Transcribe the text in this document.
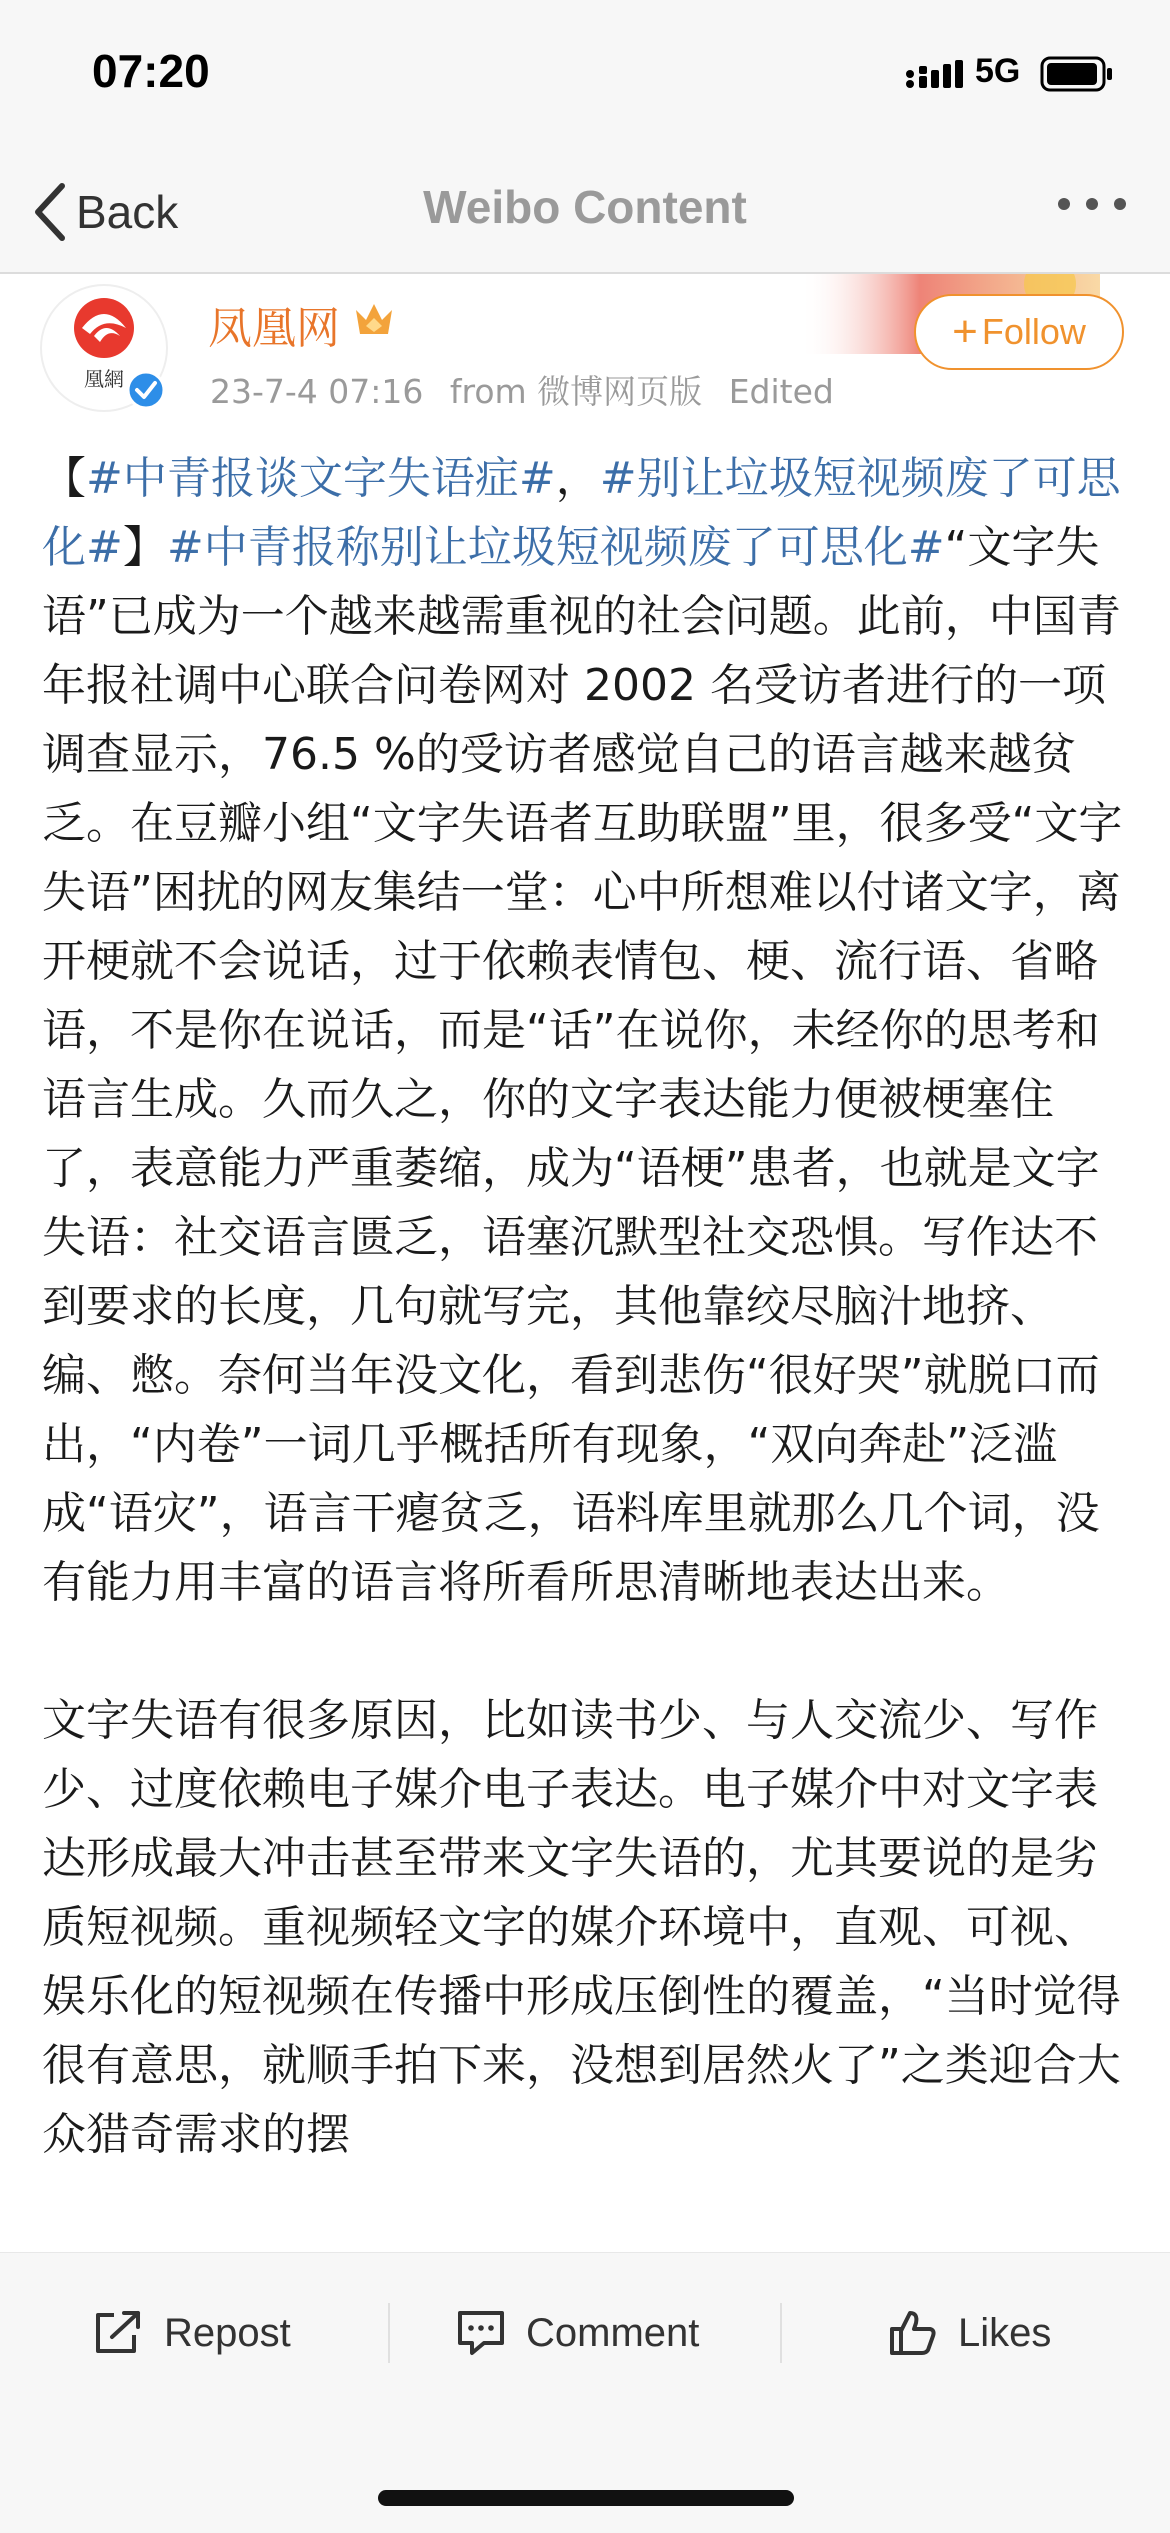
07:20	5G
Back	Weibo Content
凰網
凤凰网
23-7-4 07:16 from 微博网页版 Edited
+ Follow

【#中青报谈文字失语症#，#别让垃圾短视频废了可思化#】#中青报称别让垃圾短视频废了可思化#“文字失语”已成为一个越来越需重视的社会问题。此前，中国青年报社调中心联合问卷网对 2002 名受访者进行的一项调查显示，76.5 %的受访者感觉自己的语言越来越贫乏。在豆瓣小组“文字失语者互助联盟”里，很多受“文字失语”困扰的网友集结一堂：心中所想难以付诸文字，离开梗就不会说话，过于依赖表情包、梗、流行语、省略语，不是你在说话，而是“话”在说你，未经你的思考和语言生成。久而久之，你的文字表达能力便被梗塞住了，表意能力严重萎缩，成为“语梗”患者，也就是文字失语：社交语言匮乏，语塞沉默型社交恐惧。写作达不到要求的长度，几句就写完，其他靠绞尽脑汁地挤、编、憋。奈何当年没文化，看到悲伤“很好哭”就脱口而出，“内卷”一词几乎概括所有现象，“双向奔赴”泛滥成“语灾”，语言干瘪贫乏，语料库里就那么几个词，没有能力用丰富的语言将所看所思清晰地表达出来。

文字失语有很多原因，比如读书少、与人交流少、写作少、过度依赖电子媒介电子表达。电子媒介中对文字表达形成最大冲击甚至带来文字失语的，尤其要说的是劣质短视频。重视频轻文字的媒介环境中，直观、可视、娱乐化的短视频在传播中形成压倒性的覆盖，“当时觉得很有意思，就顺手拍下来，没想到居然火了”之类迎合大众猎奇需求的摆

Repost	Comment	Likes
